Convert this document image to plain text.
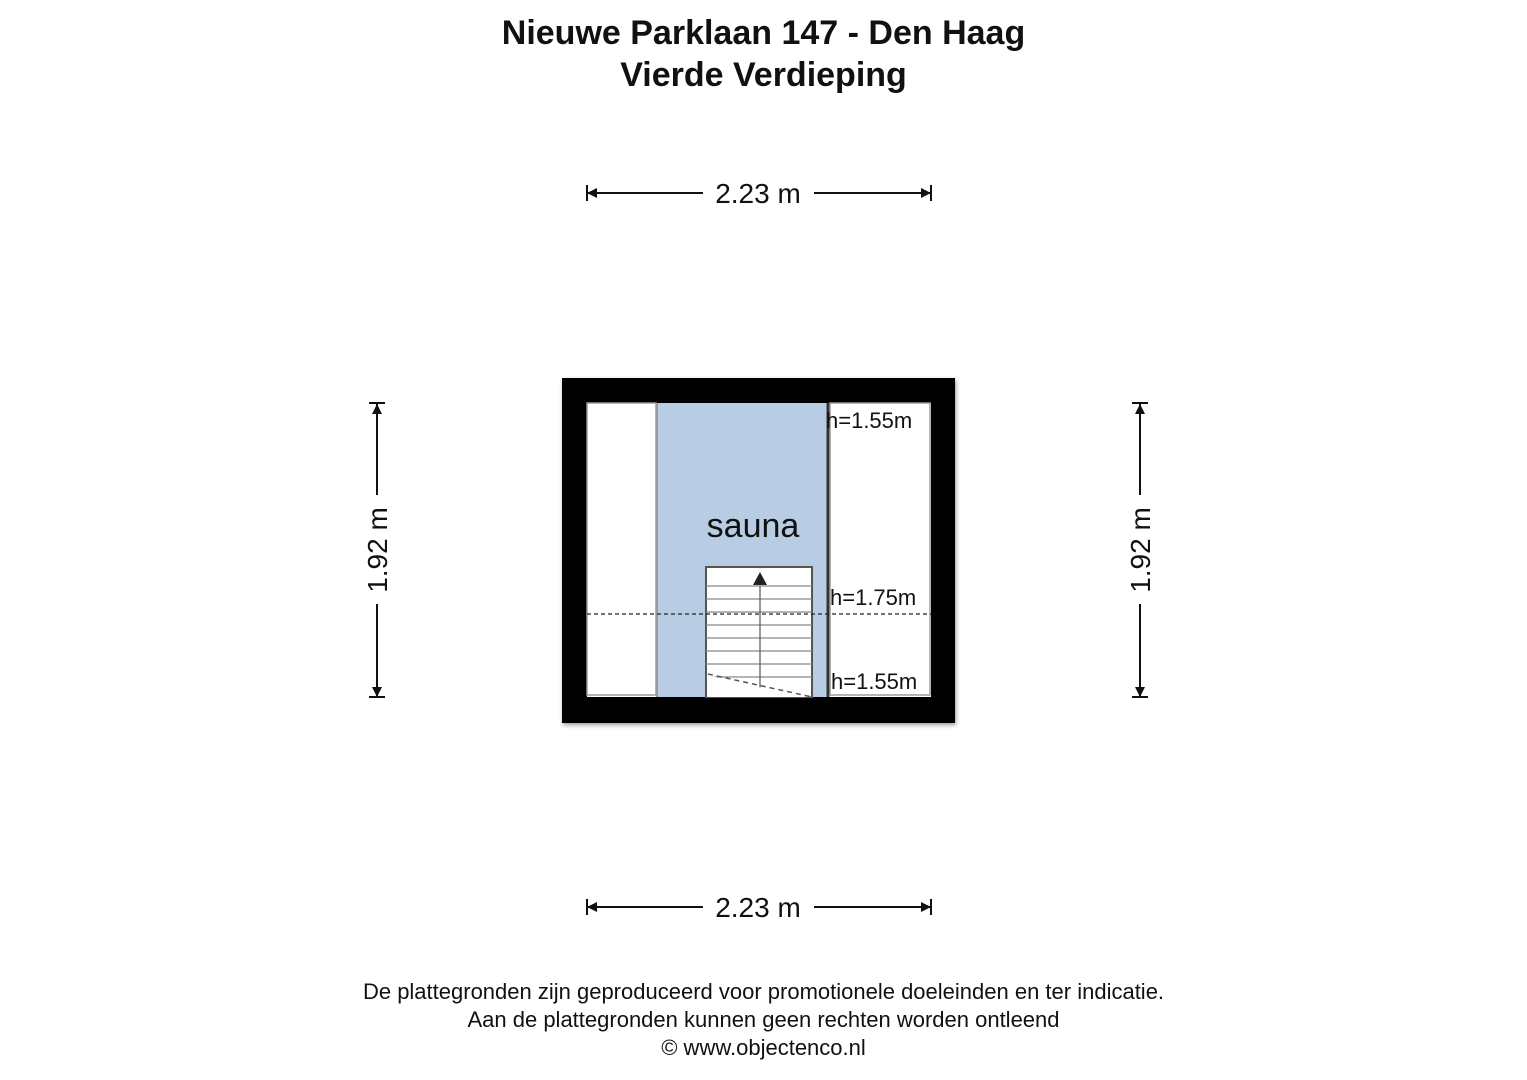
Nieuwe Parklaan 147 - Den Haag
Vierde Verdieping
2.23 m
2.23 m
1.92 m	1.92 m
sauna
h=1.55m
h=1.75m
h=1.55m
De plattegronden zijn geproduceerd voor promotionele doeleinden en ter indicatie.
Aan de plattegronden kunnen geen rechten worden ontleend
© www.objectenco.nl
